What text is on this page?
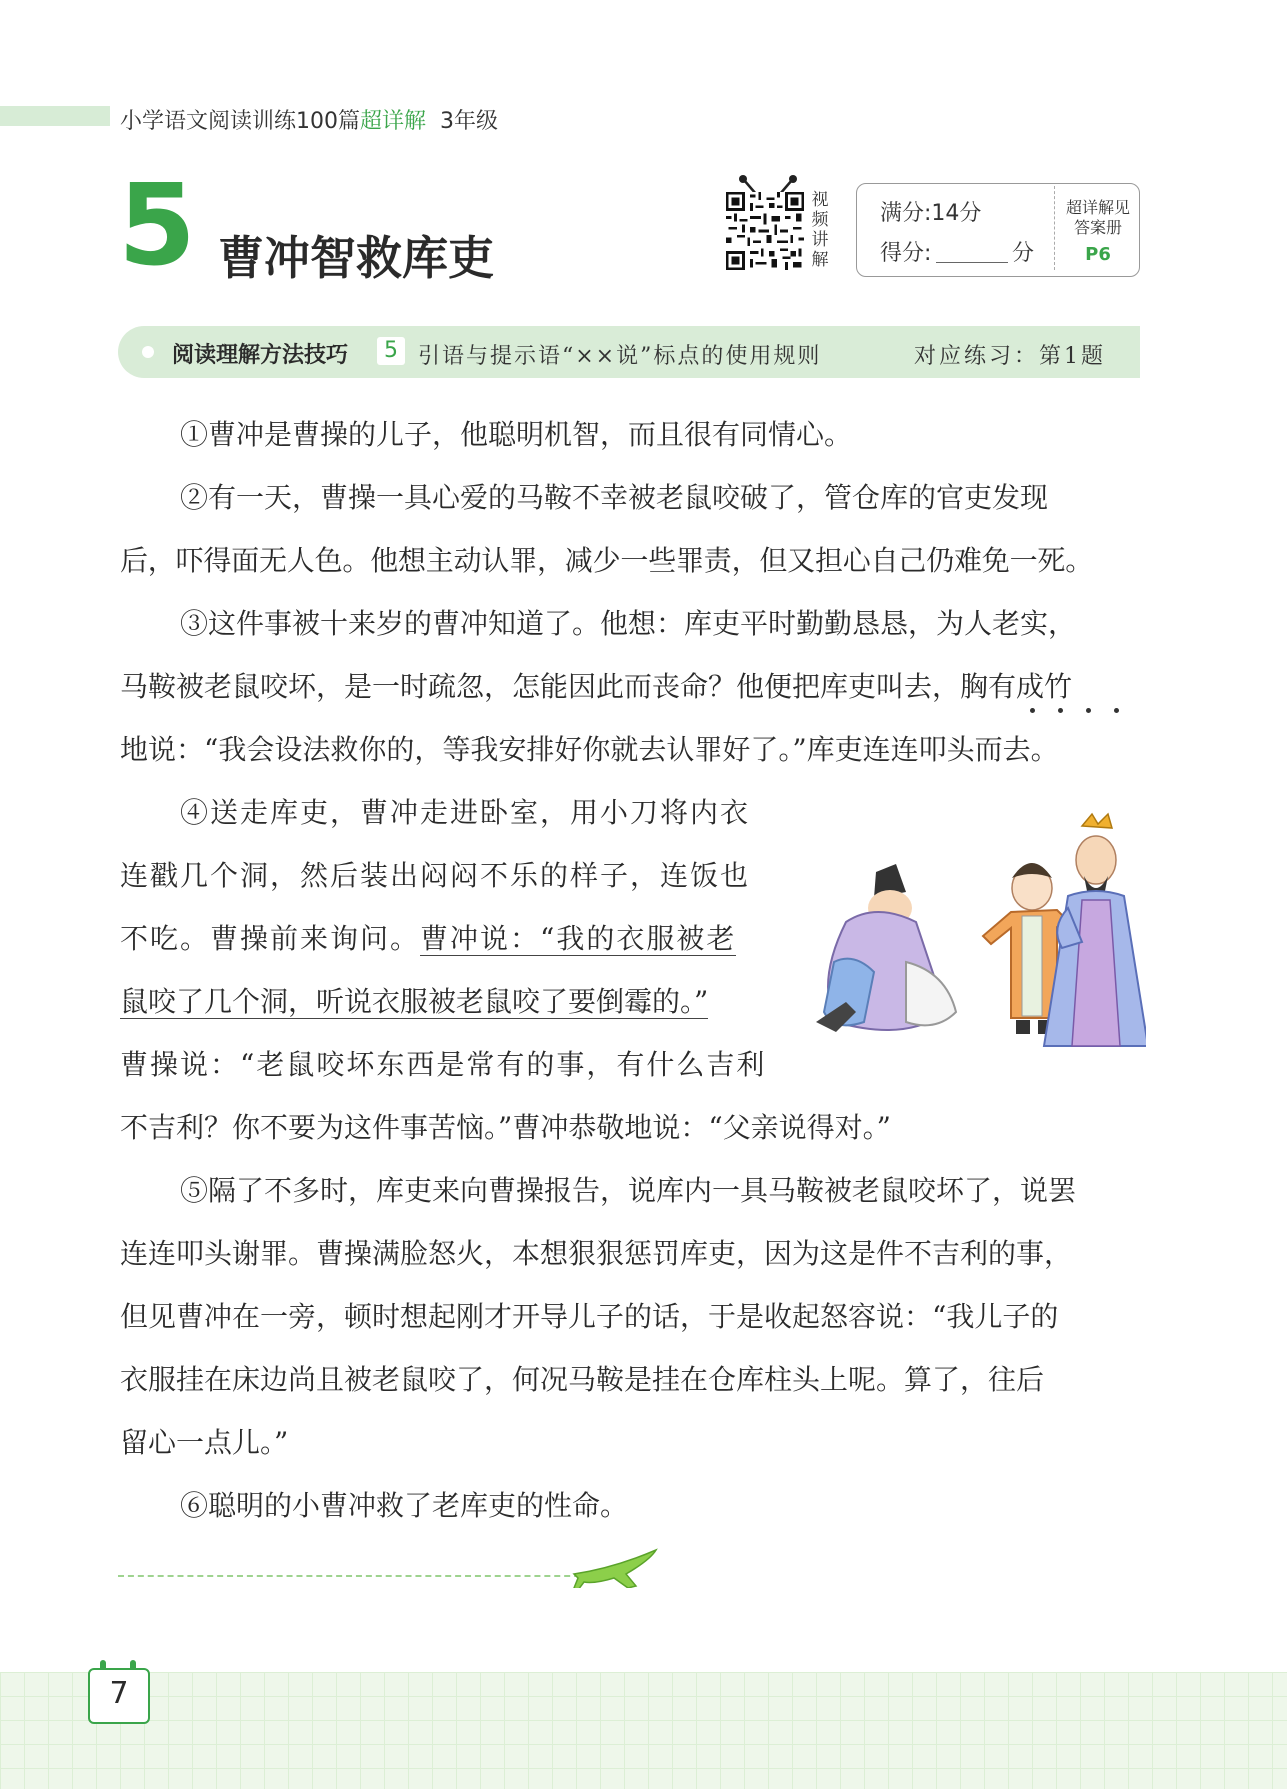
小学语文阅读训练100篇超详解 3年级
5 曹冲智救库吏
视
频
讲
解
满分:14分
得分:	分
超详解见
答案册
P6
阅读理解方法技巧	5 引语与提示语“××说”标点的使用规则	对应练习：第1题
①曹冲是曹操的儿子，他聪明机智，而且很有同情心。
②有一天，曹操一具心爱的马鞍不幸被老鼠咬破了，管仓库的官吏发现
后，吓得面无人色。他想主动认罪，减少一些罪责，但又担心自己仍难免一死。
③这件事被十来岁的曹冲知道了。他想：库吏平时勤勤恳恳，为人老实，
马鞍被老鼠咬坏，是一时疏忽，怎能因此而丧命？他便把库吏叫去，胸有成竹
地说：“我会设法救你的，等我安排好你就去认罪好了。”库吏连连叩头而去。
④送走库吏，曹冲走进卧室，用小刀将内衣
连戳几个洞，然后装出闷闷不乐的样子，连饭也
不吃。曹操前来询问。曹冲说：“我的衣服被老
鼠咬了几个洞，听说衣服被老鼠咬了要倒霉的。”
曹操说：“老鼠咬坏东西是常有的事，有什么吉利
不吉利？你不要为这件事苦恼。”曹冲恭敬地说：“父亲说得对。”
⑤隔了不多时，库吏来向曹操报告，说库内一具马鞍被老鼠咬坏了，说罢
连连叩头谢罪。曹操满脸怒火，本想狠狠惩罚库吏，因为这是件不吉利的事，
但见曹冲在一旁，顿时想起刚才开导儿子的话，于是收起怒容说：“我儿子的
衣服挂在床边尚且被老鼠咬了，何况马鞍是挂在仓库柱头上呢。算了，往后
留心一点儿。”
⑥聪明的小曹冲救了老库吏的性命。
7
